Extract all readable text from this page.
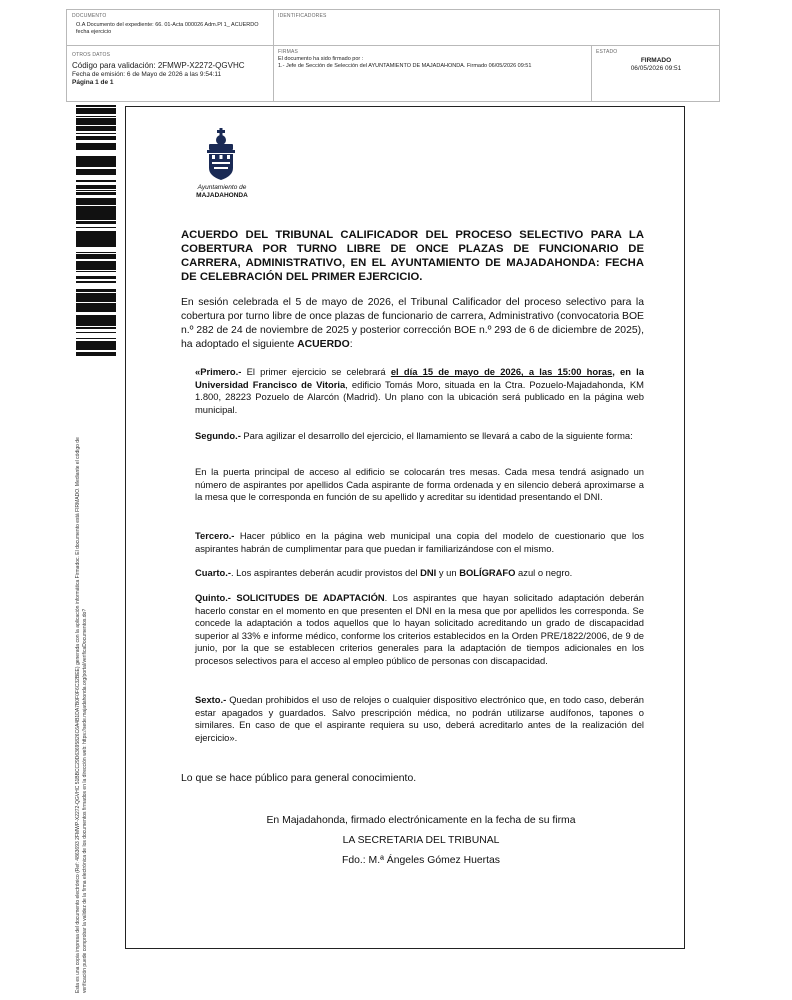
DOCUMENTO
O.A Documento del expediente: 66. 01-Acta 000026 Adm.Pl 1_ ACUERDO
fecha ejercicio
IDENTIFICADORES
OTROS DATOS
Código para validación: 2FMWP-X2272-QGVHC
Fecha de emisión: 6 de Mayo de 2026 a las 9:54:11
Página 1 de 1
FIRMAS
El documento ha sido firmado por :
1.- Jefe de Sección de Selección del AYUNTAMIENTO DE MAJADAHONDA. Firmado 06/05/2026 09:51
ESTADO
FIRMADO
06/05/2026 09:51
Esta es una copia impresa del documento electrónico (Ref: 4863693 2FMWP-X2272-QGVHC 51BBCC29D63695826C6A4B1DA7B0F0F6C32BEE) generada con la aplicación informática Firmadoc. El documento está FIRMADO. Mediante el código de verificación puede comprobar la validez de la firma electrónica de los documentos firmados en la dirección web: https://sede.majadahonda.org/portal/verificaDocumentos.do?
Ayuntamiento de
MAJADAHONDA
ACUERDO DEL TRIBUNAL CALIFICADOR DEL PROCESO SELECTIVO PARA LA COBERTURA POR TURNO LIBRE DE ONCE PLAZAS DE FUNCIONARIO DE CARRERA, ADMINISTRATIVO, EN EL AYUNTAMIENTO DE MAJADAHONDA: FECHA DE CELEBRACIÓN DEL PRIMER EJERCICIO.
En sesión celebrada el 5 de mayo de 2026, el Tribunal Calificador del proceso selectivo para la cobertura por turno libre de once plazas de funcionario de carrera, Administrativo (convocatoria BOE n.º 282 de 24 de noviembre de 2025 y posterior corrección BOE n.º 293 de 6 de diciembre de 2025), ha adoptado el siguiente ACUERDO:
«Primero.- El primer ejercicio se celebrará el día 15 de mayo de 2026, a las 15:00 horas, en la Universidad Francisco de Vitoria, edificio Tomás Moro, situada en la Ctra. Pozuelo-Majadahonda, KM 1.800, 28223 Pozuelo de Alarcón (Madrid). Un plano con la ubicación será publicado en la página web municipal.
Segundo.- Para agilizar el desarrollo del ejercicio, el llamamiento se llevará a cabo de la siguiente forma:
En la puerta principal de acceso al edificio se colocarán tres mesas. Cada mesa tendrá asignado un número de aspirantes por apellidos Cada aspirante de forma ordenada y en silencio deberá aproximarse a la mesa que le corresponda en función de su apellido y acreditar su identidad presentando el DNI.
Tercero.- Hacer público en la página web municipal una copia del modelo de cuestionario que los aspirantes habrán de cumplimentar para que puedan ir familiarizándose con el mismo.
Cuarto.-. Los aspirantes deberán acudir provistos del DNI y un BOLÍGRAFO azul o negro.
Quinto.- SOLICITUDES DE ADAPTACIÓN. Los aspirantes que hayan solicitado adaptación deberán hacerlo constar en el momento en que presenten el DNI en la mesa que por apellidos les corresponda. Se concede la adaptación a todos aquellos que lo hayan solicitado acreditando un grado de discapacidad superior al 33% e informe médico, conforme los criterios establecidos en la Orden PRE/1822/2006, de 9 de junio, por la que se establecen criterios generales para la adaptación de tiempos adicionales en los procesos selectivos para el acceso al empleo público de personas con discapacidad.
Sexto.- Quedan prohibidos el uso de relojes o cualquier dispositivo electrónico que, en todo caso, deberán estar apagados y guardados. Salvo prescripción médica, no podrán utilizarse audífonos, tapones o similares. En caso de que el aspirante requiera su uso, deberá acreditarlo antes de la realización del ejercicio».
Lo que se hace público para general conocimiento.
En Majadahonda, firmado electrónicamente en la fecha de su firma
LA SECRETARIA DEL TRIBUNAL
Fdo.: M.ª Ángeles Gómez Huertas
